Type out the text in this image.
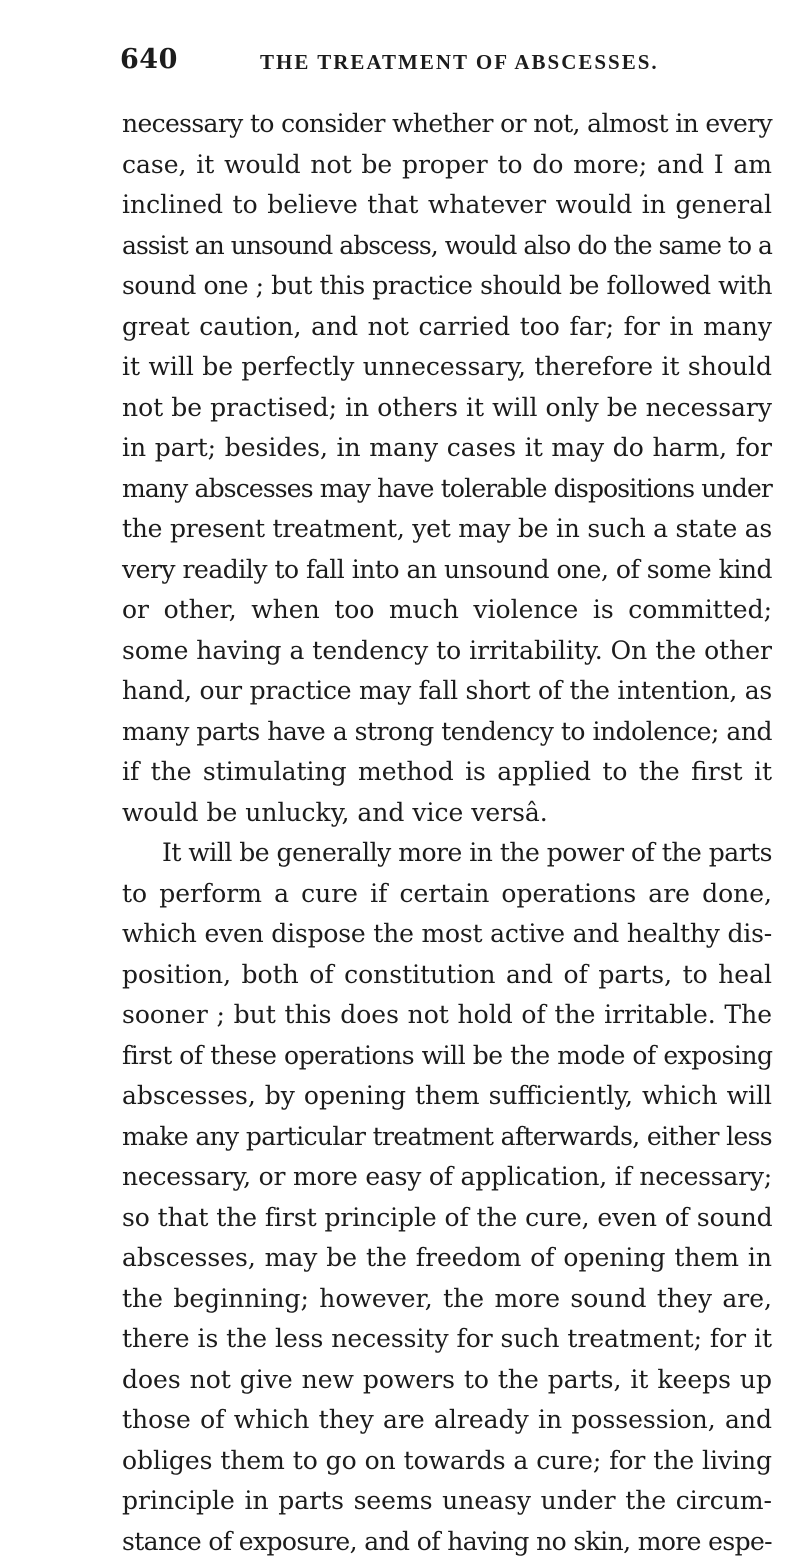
640	THE TREATMENT OF ABSCESSES.
necessary to consider whether or not, almost in every
case, it would not be proper to do more; and I am
inclined to believe that whatever would in general
assist an unsound abscess, would also do the same to a
sound one ; but this practice should be followed with
great caution, and not carried too far; for in many
it will be perfectly unnecessary, therefore it should
not be practised; in others it will only be necessary
in part; besides, in many cases it may do harm, for
many abscesses may have tolerable dispositions under
the present treatment, yet may be in such a state as
very readily to fall into an unsound one, of some kind
or other, when too much violence is committed;
some having a tendency to irritability. On the other
hand, our practice may fall short of the intention, as
many parts have a strong tendency to indolence; and
if the stimulating method is applied to the first it
would be unlucky, and vice versâ.
It will be generally more in the power of the parts
to perform a cure if certain operations are done,
which even dispose the most active and healthy dis-
position, both of constitution and of parts, to heal
sooner ; but this does not hold of the irritable. The
first of these operations will be the mode of exposing
abscesses, by opening them sufficiently, which will
make any particular treatment afterwards, either less
necessary, or more easy of application, if necessary;
so that the first principle of the cure, even of sound
abscesses, may be the freedom of opening them in
the beginning; however, the more sound they are,
there is the less necessity for such treatment; for it
does not give new powers to the parts, it keeps up
those of which they are already in possession, and
obliges them to go on towards a cure; for the living
principle in parts seems uneasy under the circum-
stance of exposure, and of having no skin, more espe-
